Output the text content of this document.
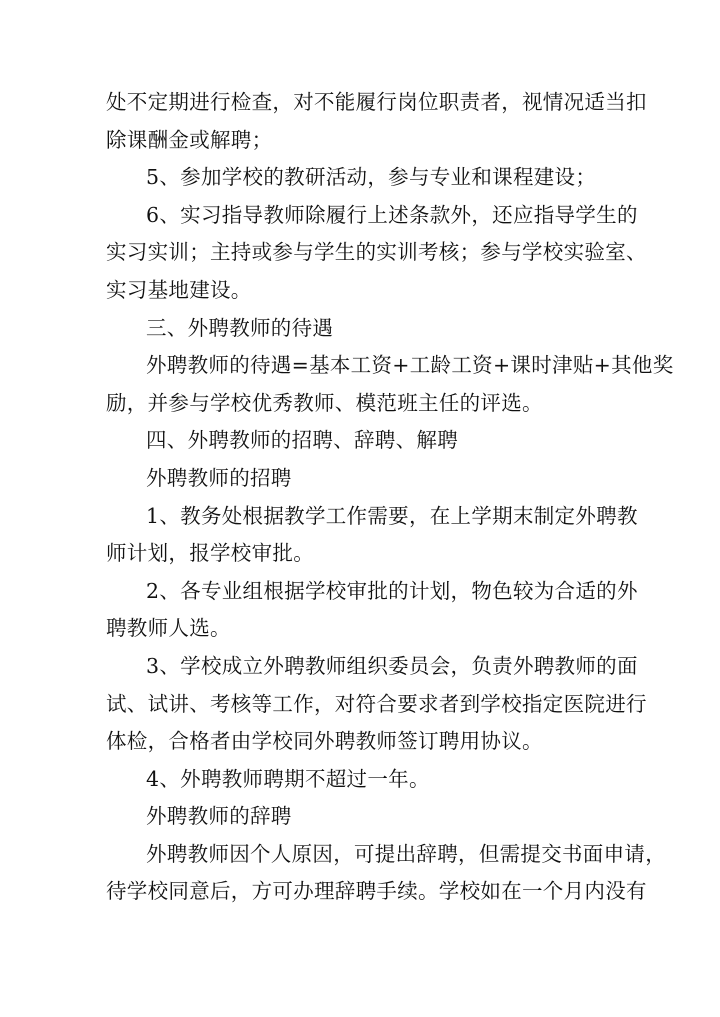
处不定期进行检查，对不能履行岗位职责者，视情况适当扣
除课酬金或解聘；
5、参加学校的教研活动，参与专业和课程建设；
6、实习指导教师除履行上述条款外，还应指导学生的
实习实训；主持或参与学生的实训考核；参与学校实验室、
实习基地建设。
三、外聘教师的待遇
外聘教师的待遇=基本工资+工龄工资+课时津贴+其他奖
励，并参与学校优秀教师、模范班主任的评选。
四、外聘教师的招聘、辞聘、解聘
外聘教师的招聘
1、教务处根据教学工作需要，在上学期末制定外聘教
师计划，报学校审批。
2、各专业组根据学校审批的计划，物色较为合适的外
聘教师人选。
3、学校成立外聘教师组织委员会，负责外聘教师的面
试、试讲、考核等工作，对符合要求者到学校指定医院进行
体检，合格者由学校同外聘教师签订聘用协议。
4、外聘教师聘期不超过一年。
外聘教师的辞聘
外聘教师因个人原因，可提出辞聘，但需提交书面申请，
待学校同意后，方可办理辞聘手续。学校如在一个月内没有
